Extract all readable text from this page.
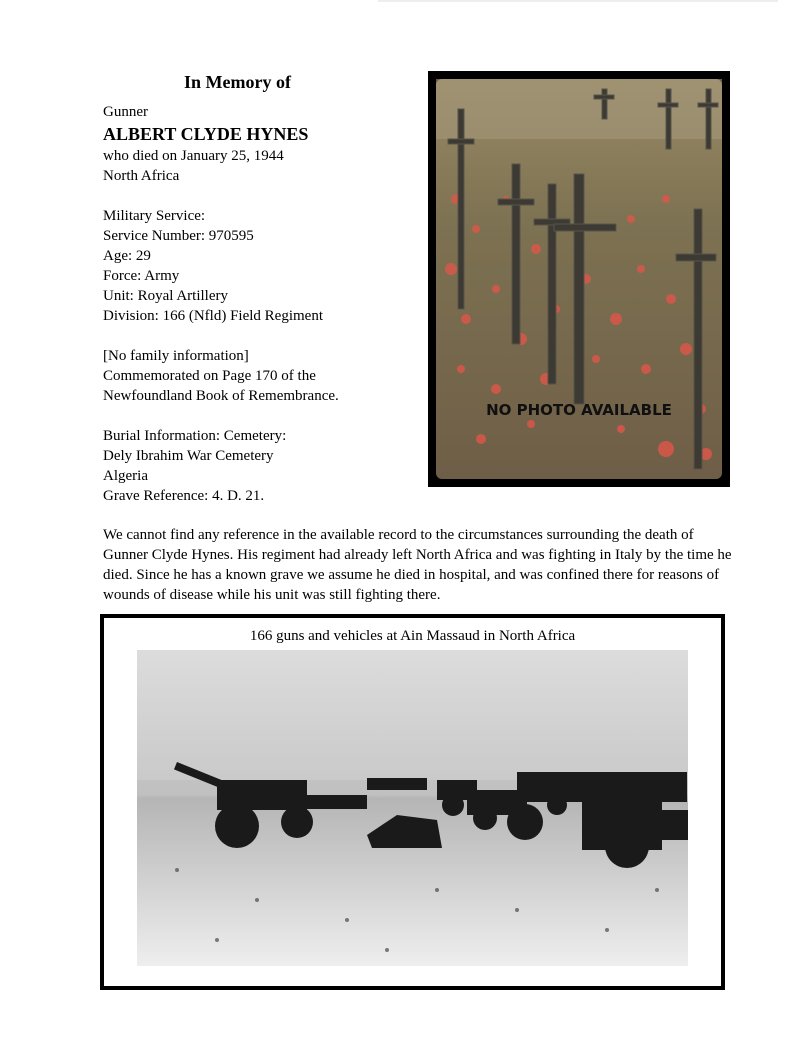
In Memory of
Gunner
ALBERT CLYDE HYNES
who died on January 25, 1944
North Africa
Military Service:
Service Number: 970595
Age: 29
Force: Army
Unit: Royal Artillery
Division: 166 (Nfld) Field Regiment
[No family information]
Commemorated on Page 170 of the
Newfoundland Book of Remembrance.
Burial Information: Cemetery:
Dely Ibrahim War Cemetery
Algeria
Grave Reference: 4. D. 21.
NO PHOTO AVAILABLE
We cannot find any reference in the available record to the circumstances surrounding the death of Gunner Clyde Hynes. His regiment had already left North Africa and was fighting in Italy by the time he died. Since he has a known grave we assume he died in hospital, and was confined there for reasons of wounds of disease while his unit was still fighting there.
166 guns and vehicles at Ain Massaud in North Africa
